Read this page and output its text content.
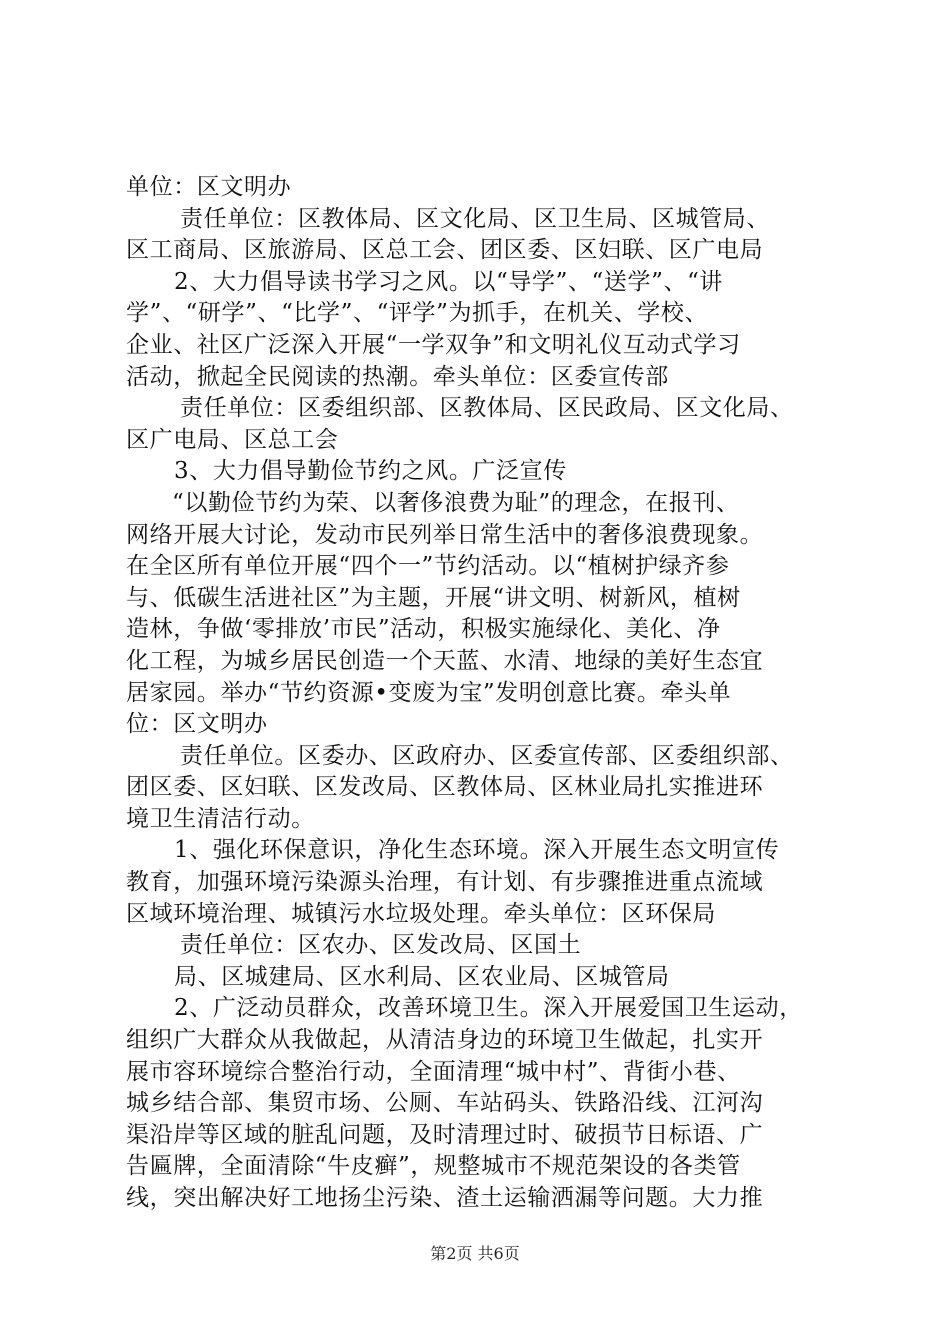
单位：区文明办
责任单位：区教体局、区文化局、区卫生局、区城管局、
区工商局、区旅游局、区总工会、团区委、区妇联、区广电局
2、大力倡导读书学习之风。以“导学”、“送学”、“讲
学”、“研学”、“比学”、“评学”为抓手，在机关、学校、
企业、社区广泛深入开展“一学双争”和文明礼仪互动式学习
活动，掀起全民阅读的热潮。牵头单位：区委宣传部
责任单位：区委组织部、区教体局、区民政局、区文化局、
区广电局、区总工会
3、大力倡导勤俭节约之风。广泛宣传
“以勤俭节约为荣、以奢侈浪费为耻”的理念，在报刊、
网络开展大讨论，发动市民列举日常生活中的奢侈浪费现象。
在全区所有单位开展“四个一”节约活动。以“植树护绿齐参
与、低碳生活进社区”为主题，开展“讲文明、树新风，植树
造林，争做‘零排放’市民”活动，积极实施绿化、美化、净
化工程，为城乡居民创造一个天蓝、水清、地绿的美好生态宜
居家园。举办“节约资源•变废为宝”发明创意比赛。牵头单
位：区文明办
责任单位。区委办、区政府办、区委宣传部、区委组织部、
团区委、区妇联、区发改局、区教体局、区林业局扎实推进环
境卫生清洁行动。
1、强化环保意识，净化生态环境。深入开展生态文明宣传
教育，加强环境污染源头治理，有计划、有步骤推进重点流域
区域环境治理、城镇污水垃圾处理。牵头单位：区环保局
责任单位：区农办、区发改局、区国土
局、区城建局、区水利局、区农业局、区城管局
2、广泛动员群众，改善环境卫生。深入开展爱国卫生运动，
组织广大群众从我做起，从清洁身边的环境卫生做起，扎实开
展市容环境综合整治行动，全面清理“城中村”、背街小巷、
城乡结合部、集贸市场、公厕、车站码头、铁路沿线、江河沟
渠沿岸等区域的脏乱问题，及时清理过时、破损节日标语、广
告匾牌，全面清除“牛皮癣”，规整城市不规范架设的各类管
线，突出解决好工地扬尘污染、渣土运输洒漏等问题。大力推
第2页 共6页
